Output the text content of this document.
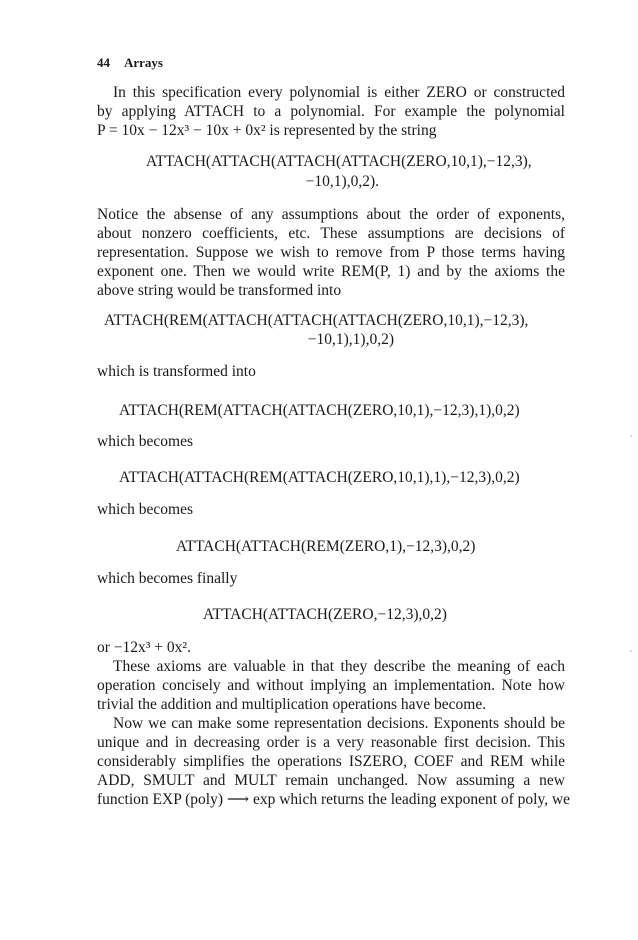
44 Arrays
In this specification every polynomial is either ZERO or constructed
by applying ATTACH to a polynomial. For example the polynomial
P = 10x − 12x³ − 10x + 0x² is represented by the string
ATTACH(ATTACH(ATTACH(ATTACH(ZERO,10,1),−12,3),
−10,1),0,2).
Notice the absense of any assumptions about the order of exponents,
about nonzero coefficients, etc. These assumptions are decisions of
representation. Suppose we wish to remove from P those terms having
exponent one. Then we would write REM(P, 1) and by the axioms the
above string would be transformed into
ATTACH(REM(ATTACH(ATTACH(ATTACH(ZERO,10,1),−12,3),
−10,1),1),0,2)
which is transformed into
ATTACH(REM(ATTACH(ATTACH(ZERO,10,1),−12,3),1),0,2)
which becomes
ATTACH(ATTACH(REM(ATTACH(ZERO,10,1),1),−12,3),0,2)
which becomes
ATTACH(ATTACH(REM(ZERO,1),−12,3),0,2)
which becomes finally
ATTACH(ATTACH(ZERO,−12,3),0,2)
or −12x³ + 0x².
These axioms are valuable in that they describe the meaning of each
operation concisely and without implying an implementation. Note how
trivial the addition and multiplication operations have become.
Now we can make some representation decisions. Exponents should be
unique and in decreasing order is a very reasonable first decision. This
considerably simplifies the operations ISZERO, COEF and REM while
ADD, SMULT and MULT remain unchanged. Now assuming a new
function EXP (poly) ⟶ exp which returns the leading exponent of poly, we
